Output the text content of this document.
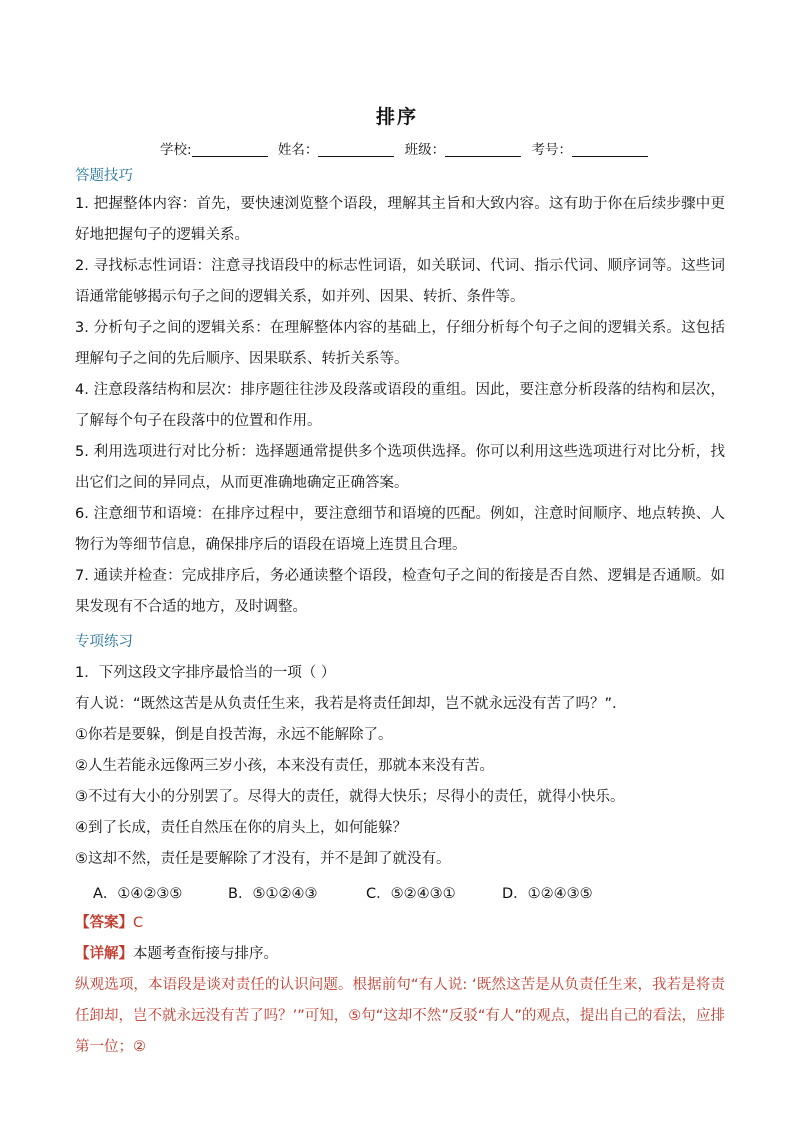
排序
学校:	姓名：	班级：	考号：
答题技巧

1. 把握整体内容：首先，要快速浏览整个语段，理解其主旨和大致内容。这有助于你在后续步骤中更好地把握句子的逻辑关系。

2. 寻找标志性词语：注意寻找语段中的标志性词语，如关联词、代词、指示代词、顺序词等。这些词语通常能够揭示句子之间的逻辑关系，如并列、因果、转折、条件等。

3. 分析句子之间的逻辑关系：在理解整体内容的基础上，仔细分析每个句子之间的逻辑关系。这包括理解句子之间的先后顺序、因果联系、转折关系等。

4. 注意段落结构和层次：排序题往往涉及段落或语段的重组。因此，要注意分析段落的结构和层次，了解每个句子在段落中的位置和作用。

5. 利用选项进行对比分析：选择题通常提供多个选项供选择。你可以利用这些选项进行对比分析，找出它们之间的异同点，从而更准确地确定正确答案。

6. 注意细节和语境：在排序过程中，要注意细节和语境的匹配。例如，注意时间顺序、地点转换、人物行为等细节信息，确保排序后的语段在语境上连贯且合理。

7. 通读并检查：完成排序后，务必通读整个语段，检查句子之间的衔接是否自然、逻辑是否通顺。如果发现有不合适的地方，及时调整。

专项练习

1．下列这段文字排序最恰当的一项（ ）

有人说：“既然这苦是从负责任生来，我若是将责任卸却，岂不就永远没有苦了吗？”.

①你若是要躲，倒是自投苦海，永远不能解除了。

②人生若能永远像两三岁小孩，本来没有责任，那就本来没有苦。

③不过有大小的分别罢了。尽得大的责任，就得大快乐；尽得小的责任，就得小快乐。

④到了长成，责任自然压在你的肩头上，如何能躲？

⑤这却不然，责任是要解除了才没有，并不是卸了就没有。

A．①④②③⑤	B．⑤①②④③	C．⑤②④③①	D．①②④③⑤

【答案】C

【详解】本题考查衔接与排序。

纵观选项，本语段是谈对责任的认识问题。根据前句“有人说: ‘既然这苦是从负责任生来，我若是将责任卸却，岂不就永远没有苦了吗？’”可知，⑤句“这却不然”反驳“有人”的观点，提出自己的看法，应排第一位；②
